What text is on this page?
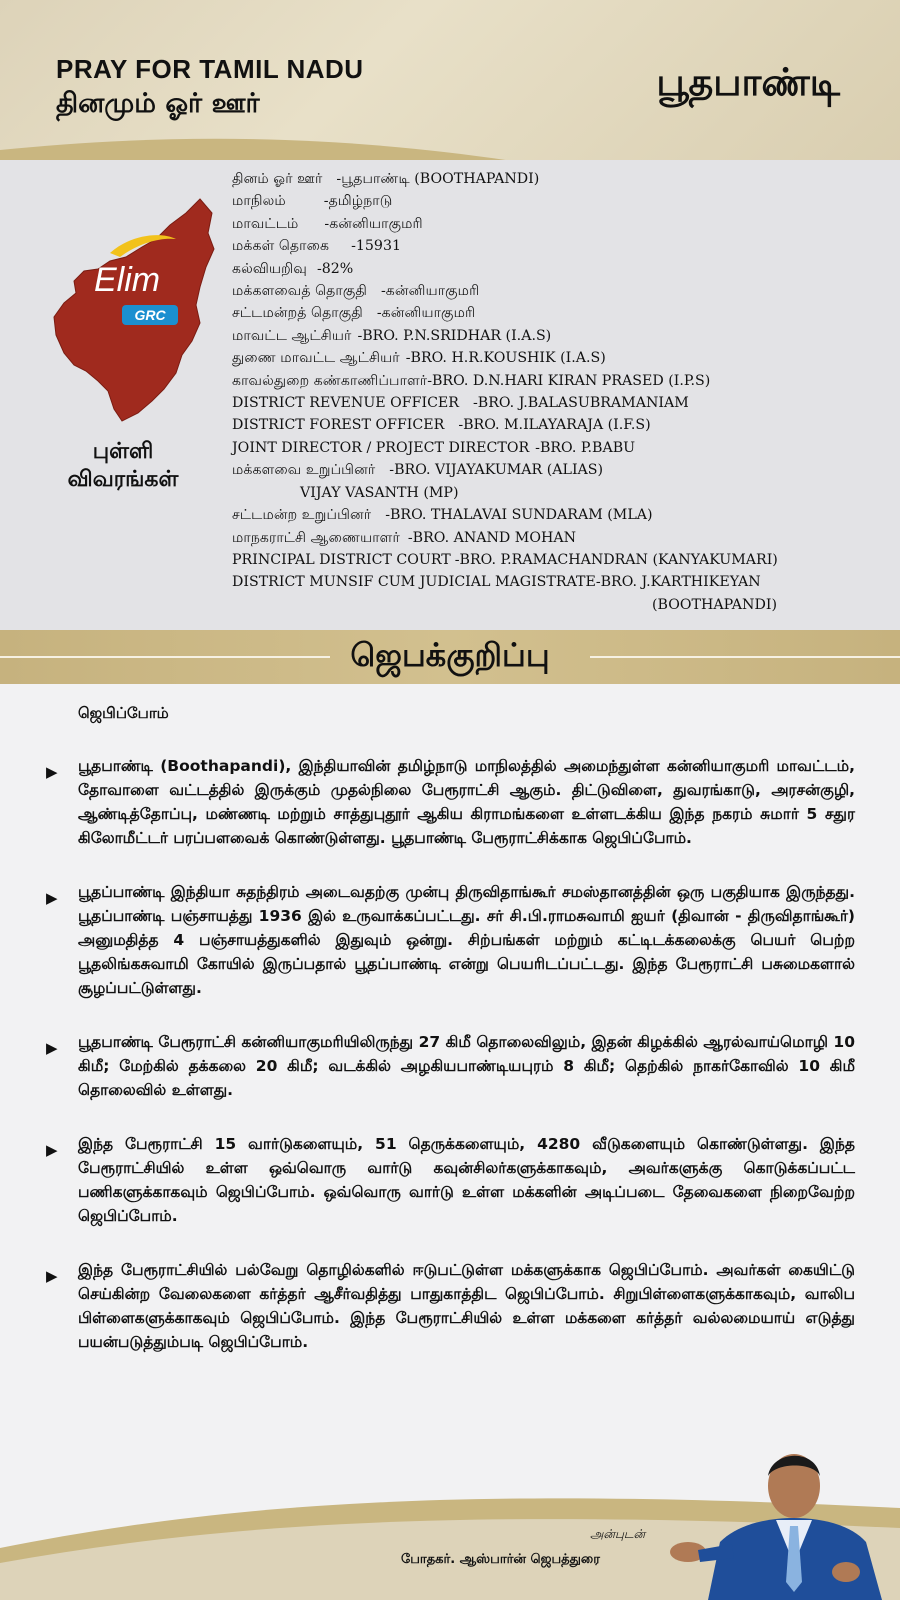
PRAY FOR TAMIL NADU
தினமும் ஓர் ஊர்	பூதபாண்டி
Elim
GRC
புள்ளி
விவரங்கள்
தினம் ஓர் ஊர் -பூதபாண்டி (BOOTHAPANDI)
மாநிலம்	-தமிழ்நாடு
மாவட்டம் -கன்னியாகுமரி
மக்கள் தொகை -15931
கல்வியறிவு -82%
மக்களவைத் தொகுதி -கன்னியாகுமரி
சட்டமன்றத் தொகுதி -கன்னியாகுமரி
மாவட்ட ஆட்சியர் -BRO. P.N.SRIDHAR (I.A.S)
துணை மாவட்ட ஆட்சியர் -BRO. H.R.KOUSHIK (I.A.S)
காவல்துறை கண்காணிப்பாளர்-BRO. D.N.HARI KIRAN PRASED (I.P.S)
DISTRICT REVENUE OFFICER -BRO. J.BALASUBRAMANIAM
DISTRICT FOREST OFFICER -BRO. M.ILAYARAJA (I.F.S)
JOINT DIRECTOR / PROJECT DIRECTOR -BRO. P.BABU
மக்களவை உறுப்பினர் -BRO. VIJAYAKUMAR (ALIAS)
VIJAY VASANTH (MP)
சட்டமன்ற உறுப்பினர் -BRO. THALAVAI SUNDARAM (MLA)
மாநகராட்சி ஆணையாளர் -BRO. ANAND MOHAN
PRINCIPAL DISTRICT COURT -BRO. P.RAMACHANDRAN (KANYAKUMARI)
DISTRICT MUNSIF CUM JUDICIAL MAGISTRATE-BRO. J.KARTHIKEYAN
(BOOTHAPANDI)
ஜெபக்குறிப்பு

ஜெபிப்போம்

▶ பூதபாண்டி (Boothapandi), இந்தியாவின் தமிழ்நாடு மாநிலத்தில் அமைந்துள்ள கன்னியாகுமரி மாவட்டம், தோவாளை வட்டத்தில் இருக்கும் முதல்நிலை பேரூராட்சி ஆகும். திட்டுவிளை, துவரங்காடு, அரசன்குழி, ஆண்டித்தோப்பு, மண்ணடி மற்றும் சாத்துபுதூர் ஆகிய கிராமங்களை உள்ளடக்கிய இந்த நகரம் சுமார் 5 சதுர கிலோமீட்டர் பரப்பளவைக் கொண்டுள்ளது. பூதபாண்டி பேரூராட்சிக்காக ஜெபிப்போம்.
▶ பூதப்பாண்டி இந்தியா சுதந்திரம் அடைவதற்கு முன்பு திருவிதாங்கூர் சமஸ்தானத்தின் ஒரு பகுதியாக இருந்தது. பூதப்பாண்டி பஞ்சாயத்து 1936 இல் உருவாக்கப்பட்டது. சர் சி.பி.ராமசுவாமி ஐயர் (திவான் - திருவிதாங்கூர்) அனுமதித்த 4 பஞ்சாயத்துகளில் இதுவும் ஒன்று. சிற்பங்கள் மற்றும் கட்டிடக்கலைக்கு பெயர் பெற்ற பூதலிங்கசுவாமி கோயில் இருப்பதால் பூதப்பாண்டி என்று பெயரிடப்பட்டது. இந்த பேரூராட்சி பசுமைகளால் சூழப்பட்டுள்ளது.
▶ பூதபாண்டி பேரூராட்சி கன்னியாகுமரியிலிருந்து 27 கிமீ தொலைவிலும், இதன் கிழக்கில் ஆரல்வாய்மொழி 10 கிமீ; மேற்கில் தக்கலை 20 கிமீ; வடக்கில் அழகியபாண்டியபுரம் 8 கிமீ; தெற்கில் நாகர்கோவில் 10 கிமீ தொலைவில் உள்ளது.
▶ இந்த பேரூராட்சி 15 வார்டுகளையும், 51 தெருக்களையும், 4280 வீடுகளையும் கொண்டுள்ளது. இந்த பேரூராட்சியில் உள்ள ஒவ்வொரு வார்டு கவுன்சிலர்களுக்காகவும், அவர்களுக்கு கொடுக்கப்பட்ட பணிகளுக்காகவும் ஜெபிப்போம். ஒவ்வொரு வார்டு உள்ள மக்களின் அடிப்படை தேவைகளை நிறைவேற்ற ஜெபிப்போம்.
▶ இந்த பேரூராட்சியில் பல்வேறு தொழில்களில் ஈடுபட்டுள்ள மக்களுக்காக ஜெபிப்போம். அவர்கள் கையிட்டு செய்கின்ற வேலைகளை கர்த்தர் ஆசீர்வதித்து பாதுகாத்திட ஜெபிப்போம். சிறுபிள்ளைகளுக்காகவும், வாலிப பிள்ளைகளுக்காகவும் ஜெபிப்போம். இந்த பேரூராட்சியில் உள்ள மக்களை கர்த்தர் வல்லமையாய் எடுத்து பயன்படுத்தும்படி ஜெபிப்போம்.
அன்புடன்
போதகர். ஆஸ்பார்ன் ஜெபத்துரை
